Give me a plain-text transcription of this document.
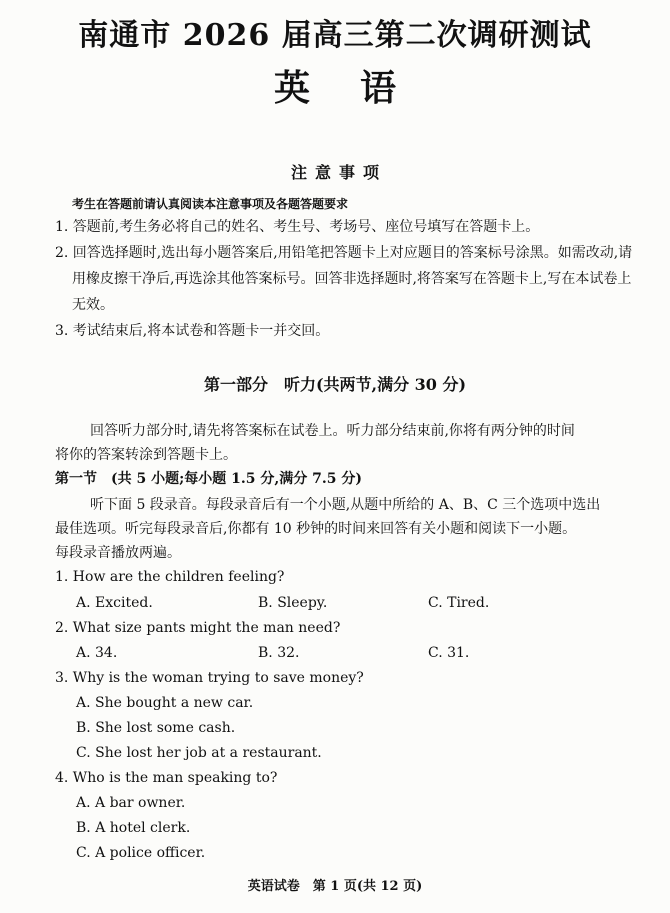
南通市 2026 届高三第二次调研测试
英语
注意事项
考生在答题前请认真阅读本注意事项及各题答题要求
1. 答题前,考生务必将自己的姓名、考生号、考场号、座位号填写在答题卡上。
2. 回答选择题时,选出每小题答案后,用铅笔把答题卡上对应题目的答案标号涂黑。如需改动,请
用橡皮擦干净后,再选涂其他答案标号。回答非选择题时,将答案写在答题卡上,写在本试卷上
无效。
3. 考试结束后,将本试卷和答题卡一并交回。
第一部分　听力(共两节,满分 30 分)
回答听力部分时,请先将答案标在试卷上。听力部分结束前,你将有两分钟的时间
将你的答案转涂到答题卡上。
第一节　(共 5 小题;每小题 1.5 分,满分 7.5 分)
听下面 5 段录音。每段录音后有一个小题,从题中所给的 A、B、C 三个选项中选出
最佳选项。听完每段录音后,你都有 10 秒钟的时间来回答有关小题和阅读下一小题。
每段录音播放两遍。
1. How are the children feeling?
A. Excited.	B. Sleepy.	C. Tired.
2. What size pants might the man need?
A. 34.	B. 32.	C. 31.
3. Why is the woman trying to save money?
A. She bought a new car.
B. She lost some cash.
C. She lost her job at a restaurant.
4. Who is the man speaking to?
A. A bar owner.
B. A hotel clerk.
C. A police officer.
英语试卷　第 1 页(共 12 页)
